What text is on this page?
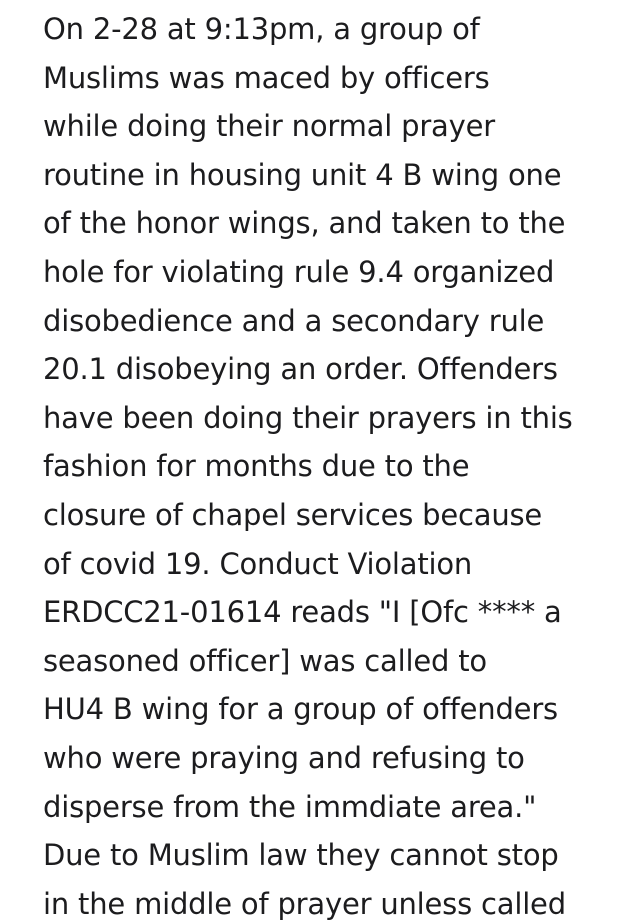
On 2-28 at 9:13pm, a group of
Muslims was maced by officers
while doing their normal prayer
routine in housing unit 4 B wing one
of the honor wings, and taken to the
hole for violating rule 9.4 organized
disobedience and a secondary rule
20.1 disobeying an order. Offenders
have been doing their prayers in this
fashion for months due to the
closure of chapel services because
of covid 19. Conduct Violation
ERDCC21-01614 reads "I [Ofc **** a
seasoned officer] was called to
HU4 B wing for a group of offenders
who were praying and refusing to
disperse from the immdiate area."
Due to Muslim law they cannot stop
in the middle of prayer unless called
